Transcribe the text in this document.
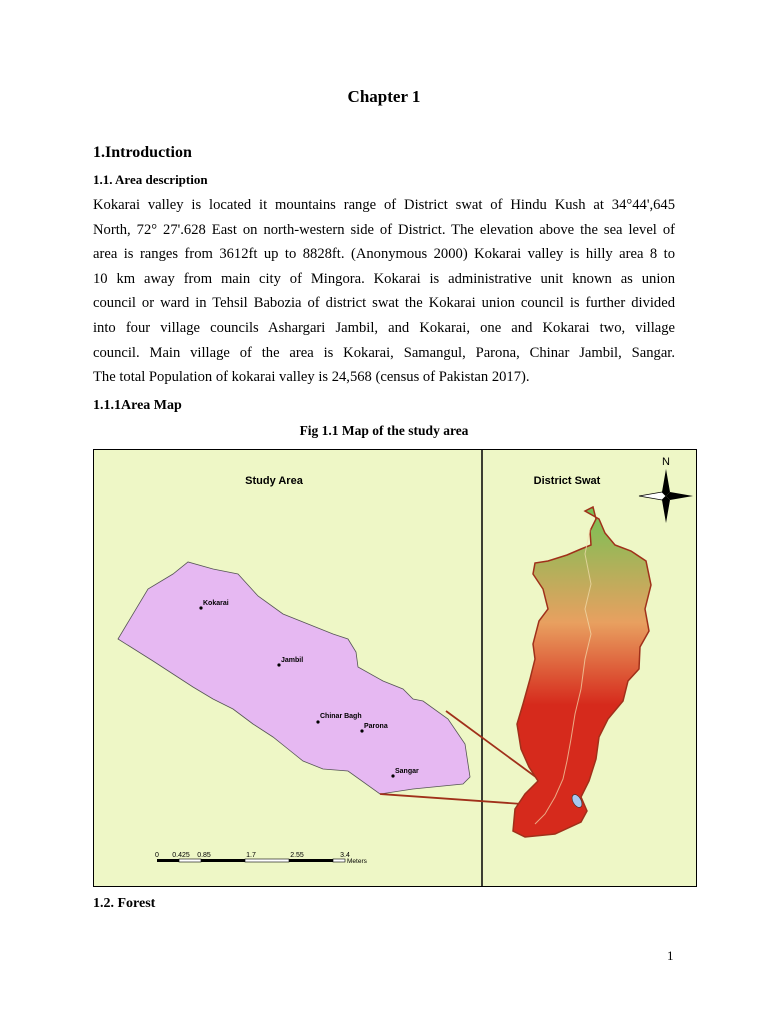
Chapter 1
1.Introduction
1.1. Area description
Kokarai valley is located it mountains range of District swat of Hindu Kush at 34°44',645
North, 72° 27'.628 East on north-western side of District. The elevation above the sea level of
area is ranges from 3612ft up to 8828ft. (Anonymous 2000) Kokarai valley is hilly area 8 to
10 km away from main city of Mingora. Kokarai is administrative unit known as union
council or ward in Tehsil Babozia of district swat the Kokarai union council is further divided
into four village councils Ashargari Jambil, and Kokarai, one and Kokarai two, village
council. Main village of the area is Kokarai, Samangul, Parona, Chinar Jambil, Sangar.
The total Population of kokarai valley is 24,568 (census of Pakistan 2017).
1.1.1Area Map
Fig 1.1 Map of the study area
Study Area	District Swat
N
Kokarai
Jambil
Chinar Bagh
Parona
Sangar
0 0.425 0.85	1.7	2.55	3.4
Meters
1.2. Forest
1
